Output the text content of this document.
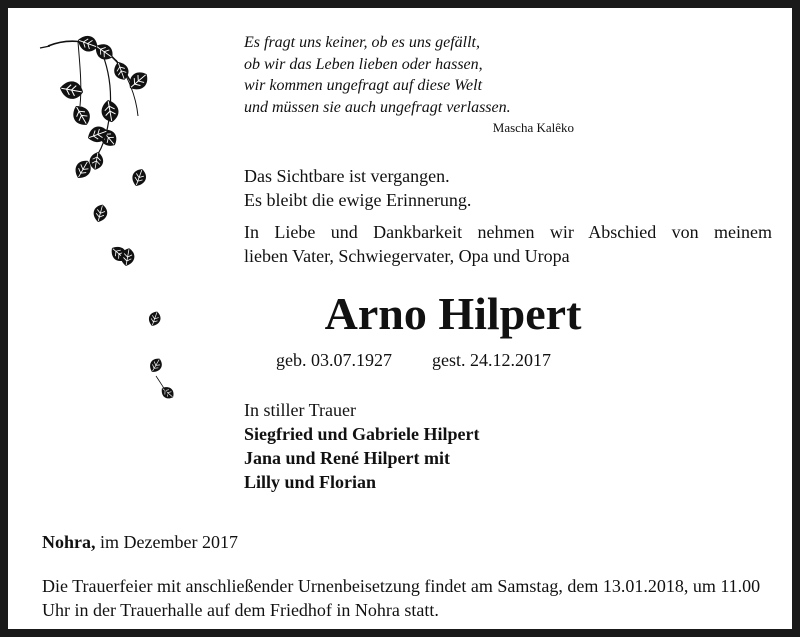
Es fragt uns keiner, ob es uns gefällt,
ob wir das Leben lieben oder hassen,
wir kommen ungefragt auf diese Welt
und müssen sie auch ungefragt verlassen.
Mascha Kalêko
Das Sichtbare ist vergangen.
Es bleibt die ewige Erinnerung.
In Liebe und Dankbarkeit nehmen wir Abschied von meinem
lieben Vater, Schwiegervater, Opa und Uropa
Arno Hilpert
geb. 03.07.1927 gest. 24.12.2017
In stiller Trauer
Siegfried und Gabriele Hilpert
Jana und René Hilpert mit
Lilly und Florian
Nohra, im Dezember 2017
Die Trauerfeier mit anschließender Urnenbeisetzung findet am Samstag, dem 13.01.2018, um 11.00 Uhr in der Trauerhalle auf dem Friedhof in Nohra statt.
